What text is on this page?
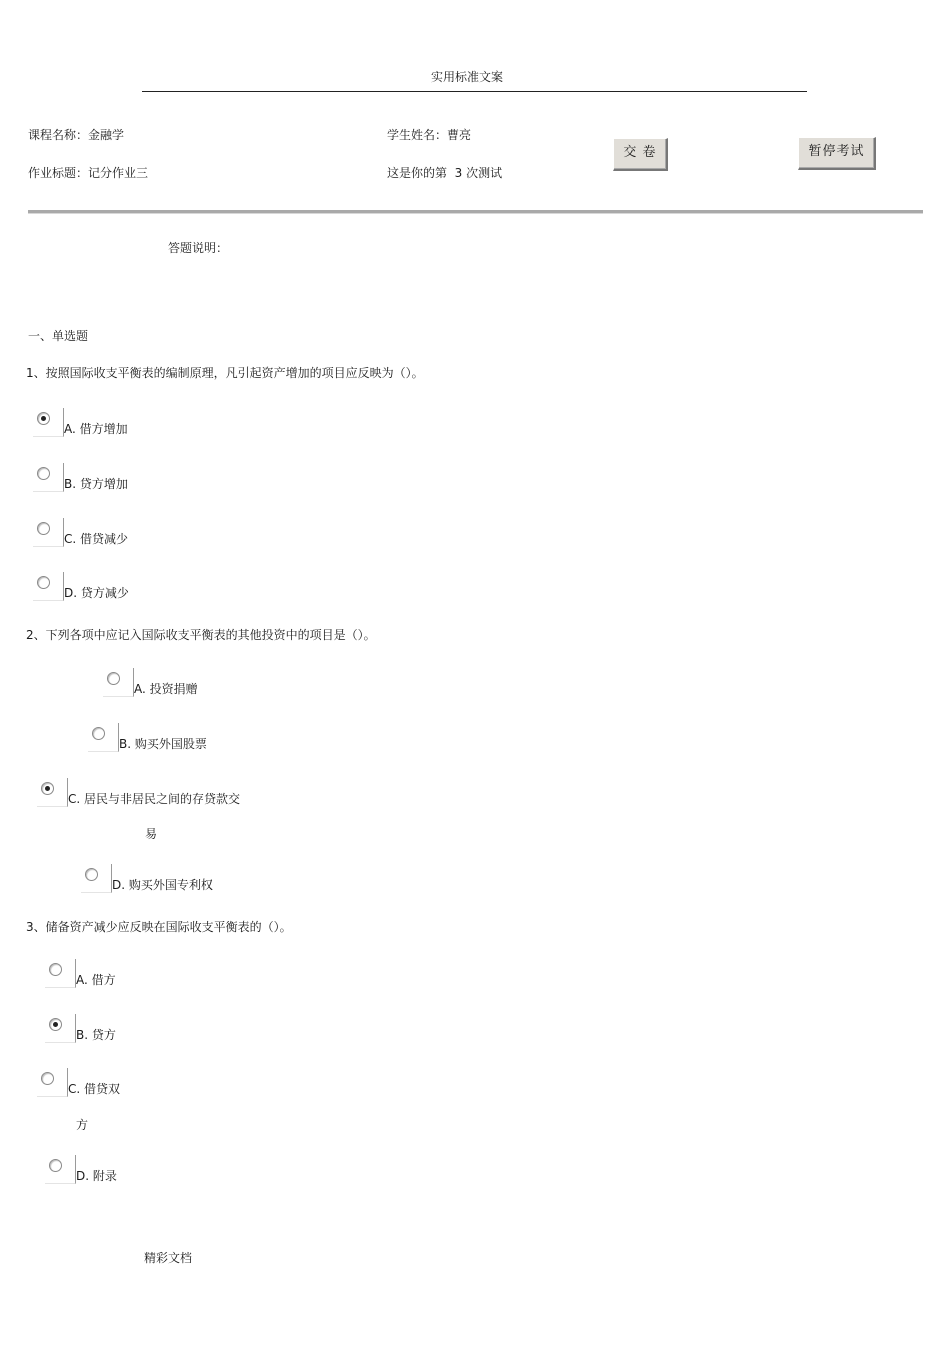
实用标准文案
课程名称：金融学	学生姓名：曹亮
作业标题：记分作业三	这是你的第 3 次测试
交 卷	暂停考试
答题说明：
一、单选题
1、按照国际收支平衡表的编制原理，凡引起资产增加的项目应反映为（）。
A. 借方增加
B. 贷方增加
C. 借贷减少
D. 贷方减少
2、下列各项中应记入国际收支平衡表的其他投资中的项目是（）。
A. 投资捐赠
B. 购买外国股票
C. 居民与非居民之间的存贷款交
易
D. 购买外国专利权
3、储备资产减少应反映在国际收支平衡表的（）。
A. 借方
B. 贷方
C. 借贷双
方
D. 附录
精彩文档
